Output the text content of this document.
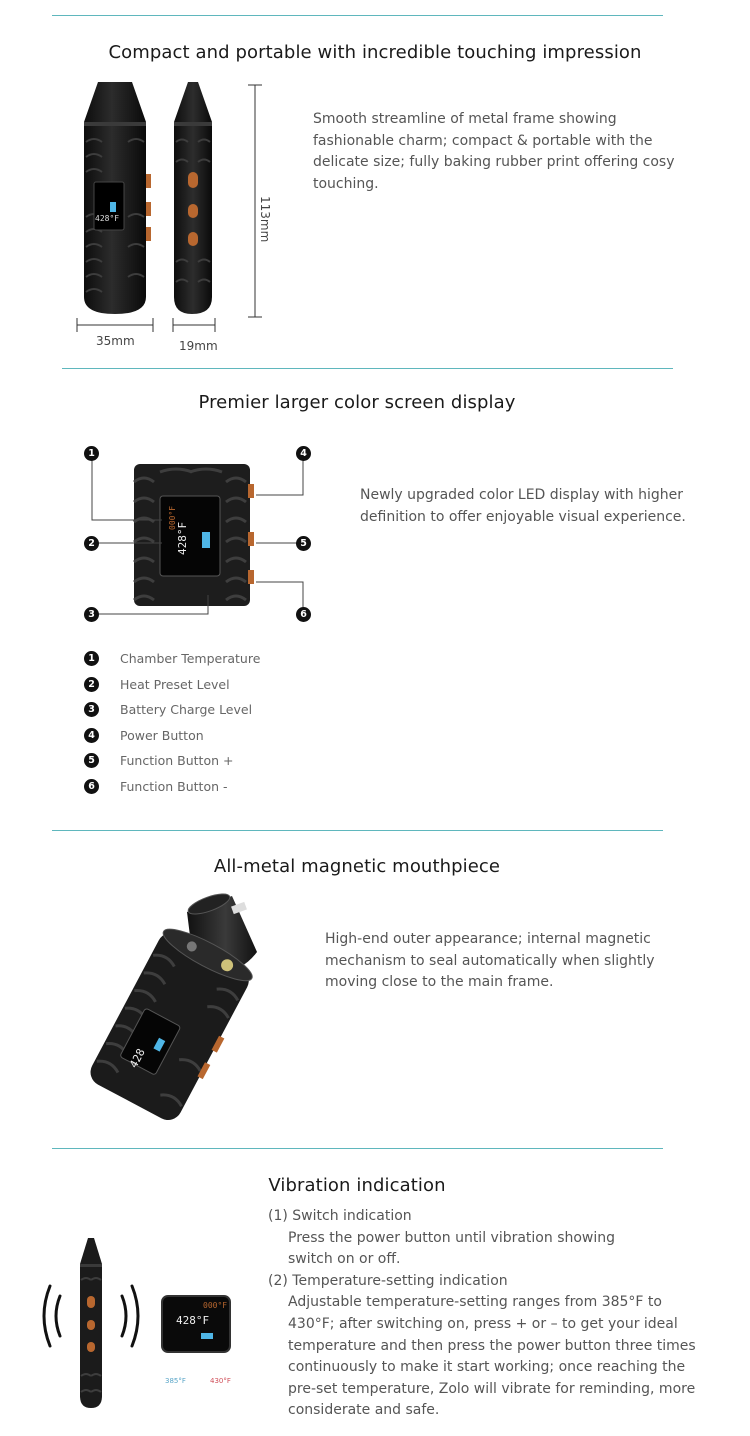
Compact and portable with incredible touching impression
428°F	113mm
35mm	19mm
Smooth streamline of metal frame showing fashionable charm; compact & portable with the delicate size; fully baking rubber print offering cosy touching.
Premier larger color screen display
000°F
428°F
1
2
3
4
5
6
Newly upgraded color LED display with higher definition to offer enjoyable visual experience.
1	Chamber Temperature
2	Heat Preset Level
3	Battery Charge Level
4	Power Button
5	Function Button +
6	Function Button -
All-metal magnetic mouthpiece
428
High-end outer appearance; internal magnetic mechanism to seal automatically when slightly moving close to the main frame.
Vibration indication
000°F
428°F
385°F	430°F
(1) Switch indication
Press the power button until vibration showing switch on or off.
(2) Temperature-setting indication
Adjustable temperature-setting ranges from 385°F to 430°F; after switching on, press + or – to get your ideal temperature and then press the power button three times continuously to make it start working; once reaching the pre-set temperature, Zolo will vibrate for reminding, more considerate and safe.
